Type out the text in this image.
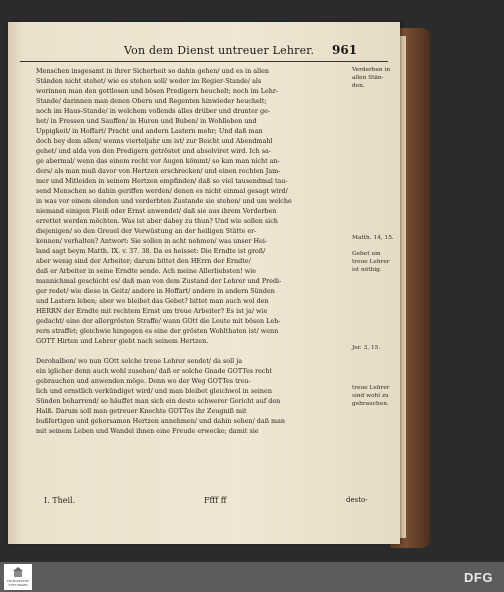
Von dem Dienst untreuer Lehrer. 961
Menschen insgesamt in ihrer Sicherheit so dahin gehen/ und es in allen
Ständen nicht stehet/ wie es stehen soll/ weder im Regier-Stande/ als
worinnen man den gottlosen und bösen Predigern heuchelt; noch im Lehr-
Stande/ darinnen man denen Obern und Regenten hinwieder heuchelt;
noch im Haus-Stande/ in welchem vollends alles drüber und drunter ge-
het/ in Fressen und Sauffen/ in Huren und Buben/ in Wohlleben und
Uppigkeit/ in Hoffart/ Pracht und andern Lastern mehr; Und daß man
doch bey dem allen/ wenns vierteljahr um ist/ zur Beicht und Abendmahl
gehet/ und alda von den Predigern getröstet und absolviret wird. Ich sa-
ge abermal/ wenn das einem recht vor Augen kömmt/ so kan man nicht an-
ders/ als man muß davor von Hertzen erschrecken/ und einen rechten Jam-
mer und Mitleiden in seinem Hertzen empfinden/ daß so viel tausendmal tau-
send Menschen so dahin geriffen werden/ denen es nicht einmal gesagt wird/
in was vor einem elenden und verderbten Zustande sie stehen/ und um welche
niemand einigen Fleiß oder Ernst anwendet/ daß sie aus ihrem Verderben
errettet werden möchten. Was ist aber dabey zu thun? Und wie sollen sich
diejenigen/ so den Greuel der Verwüstung an der heiligen Stätte er-
kennen/ verhalten? Antwort: Sie sollen in acht nehmen/ was unser Hei-
land sagt beym Matth. IX. v. 37. 38. Da es heisset: Die Erndte ist groß/
aber wenig sind der Arbeiter; darum bittet den HErrn der Erndte/
daß er Arbeiter in seine Erndte sende. Ach meine Allerliebsten! wie
mannichmal geschicht es/ daß man von dem Zustand der Lehrer und Predi-
ger redet/ wie diese in Geitz/ andere in Hoffart/ andere in andern Sünden
und Lastern leben; aber wo bleibet das Gebet? bittet man auch wol den
HERRN der Erndte mit rechtem Ernst um treue Arbeiter? Es ist ja/ wie
gedacht/ eine der allergrösten Straffe/ wann GOtt die Leute mit bösen Leh-
rern straffet; gleichwie hingegen es eine der grösten Wohlthaten ist/ wenn
GOTT Hirten und Lehrer giebt nach seinem Hertzen.
Derohalben/ wo nun GOtt solche treue Lehrer sendet/ da soll ja
ein iglicher denn auch wohl zusehen/ daß er solche Gnade GOTTes recht
gebrauchen und anwenden möge. Denn wo der Weg GOTTes treu-
lich und ernstlich verkündiget wird/ und man bleibet gleichwol in seinen
Sünden beharrend/ so häuffet man sich ein desto schwerer Gericht auf den
Halß. Darum soll man getreuer Knechte GOTTes ihr Zeugniß mit
bußfertigen und gehorsamen Hertzen annehmen/ und dahin sehen/ daß man
mit seinem Leben und Wandel ihnen eine Freude erwecke; damit sie
Verderben in
allen Stän-
den.
Matth. 14, 15.
Gebet um
treue Lehrer
ist nöthig.
Jer. 3, 15.
treue Lehrer
sind wohl zu
gebrauchen.
I. Theil.	Ffff ff	desto-
FRANCKESCHE STIFTUNGEN	DFG
